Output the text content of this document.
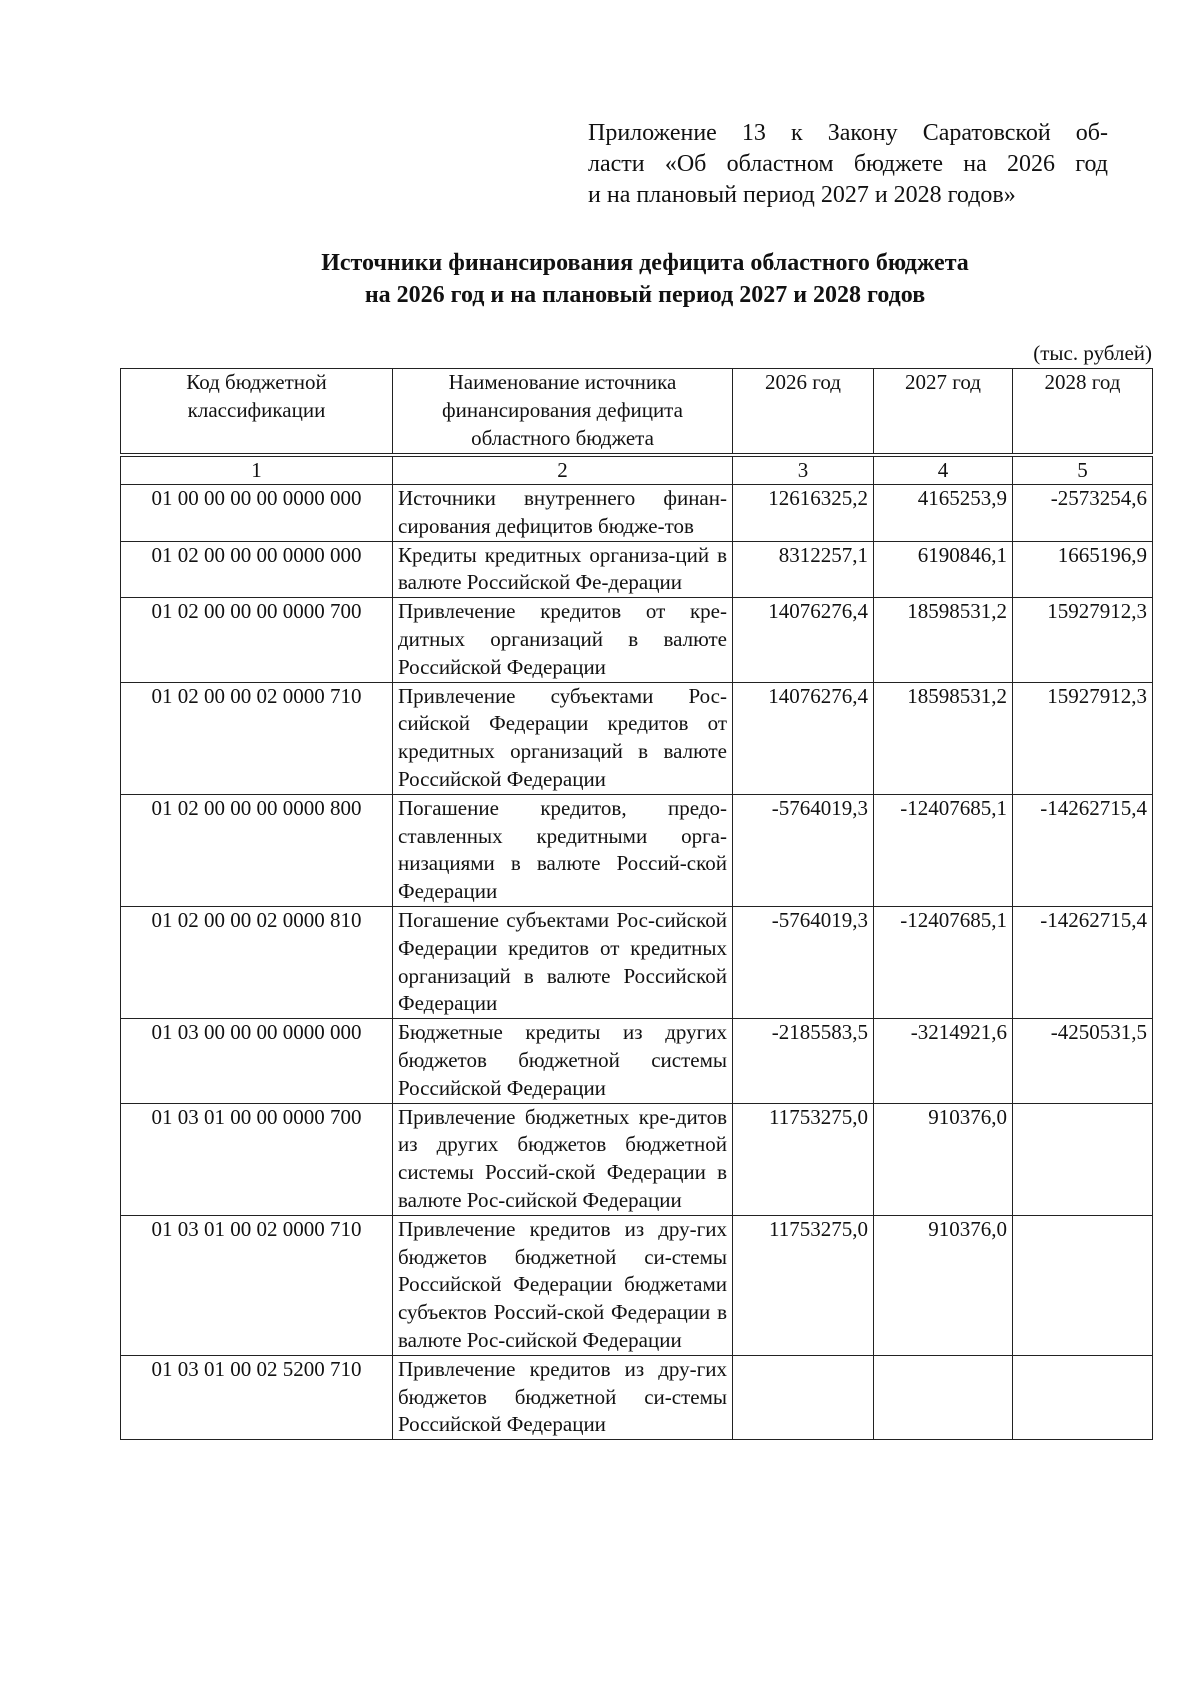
Приложение 13 к Закону Саратовской об-
ласти «Об областном бюджете на 2026 год
и на плановый период 2027 и 2028 годов»
Источники финансирования дефицита областного бюджета
на 2026 год и на плановый период 2027 и 2028 годов
(тыс. рублей)
Код бюджетной классификации	Наименование источника финансирования дефицита областного бюджета	2026 год	2027 год	2028 год
1	2	3	4	5
01 00 00 00 00 0000 000	Источники внутреннего финан-сирования дефицитов бюдже-тов	12616325,2	4165253,9	-2573254,6
01 02 00 00 00 0000 000	Кредиты кредитных организа-ций в валюте Российской Фе-дерации	8312257,1	6190846,1	1665196,9
01 02 00 00 00 0000 700	Привлечение кредитов от кре-дитных организаций в валюте Российской Федерации	14076276,4	18598531,2	15927912,3
01 02 00 00 02 0000 710	Привлечение субъектами Рос-сийской Федерации кредитов от кредитных организаций в валюте Российской Федерации	14076276,4	18598531,2	15927912,3
01 02 00 00 00 0000 800	Погашение кредитов, предо-ставленных кредитными орга-низациями в валюте Россий-ской Федерации	-5764019,3	-12407685,1	-14262715,4
01 02 00 00 02 0000 810	Погашение субъектами Рос-сийской Федерации кредитов от кредитных организаций в валюте Российской Федерации	-5764019,3	-12407685,1	-14262715,4
01 03 00 00 00 0000 000	Бюджетные кредиты из других бюджетов бюджетной системы Российской Федерации	-2185583,5	-3214921,6	-4250531,5
01 03 01 00 00 0000 700	Привлечение бюджетных кре-дитов из других бюджетов бюджетной системы Россий-ской Федерации в валюте Рос-сийской Федерации	11753275,0	910376,0	
01 03 01 00 02 0000 710	Привлечение кредитов из дру-гих бюджетов бюджетной си-стемы Российской Федерации бюджетами субъектов Россий-ской Федерации в валюте Рос-сийской Федерации	11753275,0	910376,0	
01 03 01 00 02 5200 710	Привлечение кредитов из дру-гих бюджетов бюджетной си-стемы Российской Федерации			
